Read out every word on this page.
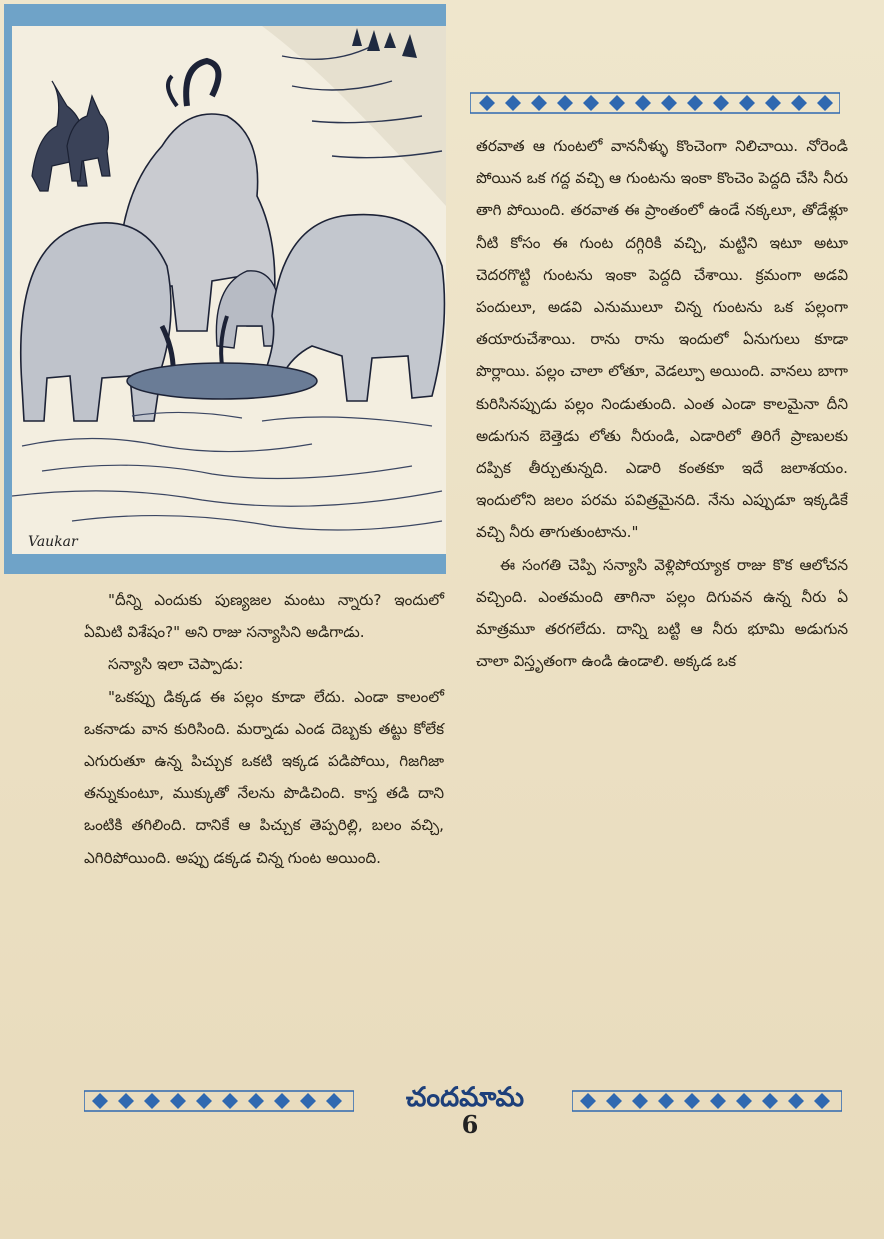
Vaukar

"దీన్ని ఎందుకు పుణ్యజల మంటు న్నారు? ఇందులో ఏమిటి విశేషం?" అని రాజు సన్యాసిని అడిగాడు.

సన్యాసి ఇలా చెప్పాడు:

"ఒకప్పు డిక్కడ ఈ పల్లం కూడా లేదు. ఎండా కాలంలో ఒకనాడు వాన కురిసింది. మర్నాడు ఎండ దెబ్బకు తట్టు కోలేక ఎగురుతూ ఉన్న పిచ్చుక ఒకటి ఇక్కడ పడిపోయి, గిజగిజా తన్నుకుంటూ, ముక్కుతో నేలను పొడిచింది. కాస్త తడి దాని ఒంటికి తగిలింది. దానికే ఆ పిచ్చుక తెప్పరిల్లి, బలం వచ్చి, ఎగిరిపోయింది. అప్పు డక్కడ చిన్న గుంట అయింది.

తరవాత ఆ గుంటలో వాననీళ్ళు కొంచెంగా నిలిచాయి. నోరెండి పోయిన ఒక గద్ద వచ్చి ఆ గుంటను ఇంకా కొంచెం పెద్దది చేసి నీరు తాగి పోయింది. తరవాత ఈ ప్రాంతంలో ఉండే నక్కలూ, తోడేళ్లూ నీటి కోసం ఈ గుంట దగ్గిరికి వచ్చి, మట్టిని ఇటూ అటూ చెదరగొట్టి గుంటను ఇంకా పెద్దది చేశాయి. క్రమంగా అడవి పందులూ, అడవి ఎనుములూ చిన్న గుంటను ఒక పల్లంగా తయారుచేశాయి. రాను రాను ఇందులో ఏనుగులు కూడా పొర్లాయి. పల్లం చాలా లోతూ, వెడల్పూ అయింది. వానలు బాగా కురిసినప్పుడు పల్లం నిండుతుంది. ఎంత ఎండా కాలమైనా దీని అడుగున బెత్తెడు లోతు నీరుండి, ఎడారిలో తిరిగే ప్రాణులకు దప్పిక తీర్చుతున్నది. ఎడారి కంతకూ ఇదే జలాశయం. ఇందులోని జలం పరమ పవిత్రమైనది. నేను ఎప్పుడూ ఇక్కడికే వచ్చి నీరు తాగుతుంటాను."

ఈ సంగతి చెప్పి సన్యాసి వెళ్లిపోయ్యాక రాజు కొక ఆలోచన వచ్చింది. ఎంతమంది తాగినా పల్లం దిగువన ఉన్న నీరు ఏ మాత్రమూ తరగలేదు. దాన్ని బట్టి ఆ నీరు భూమి అడుగున చాలా విస్తృతంగా ఉండి ఉండాలి. అక్కడ ఒక

చందమామ
6
